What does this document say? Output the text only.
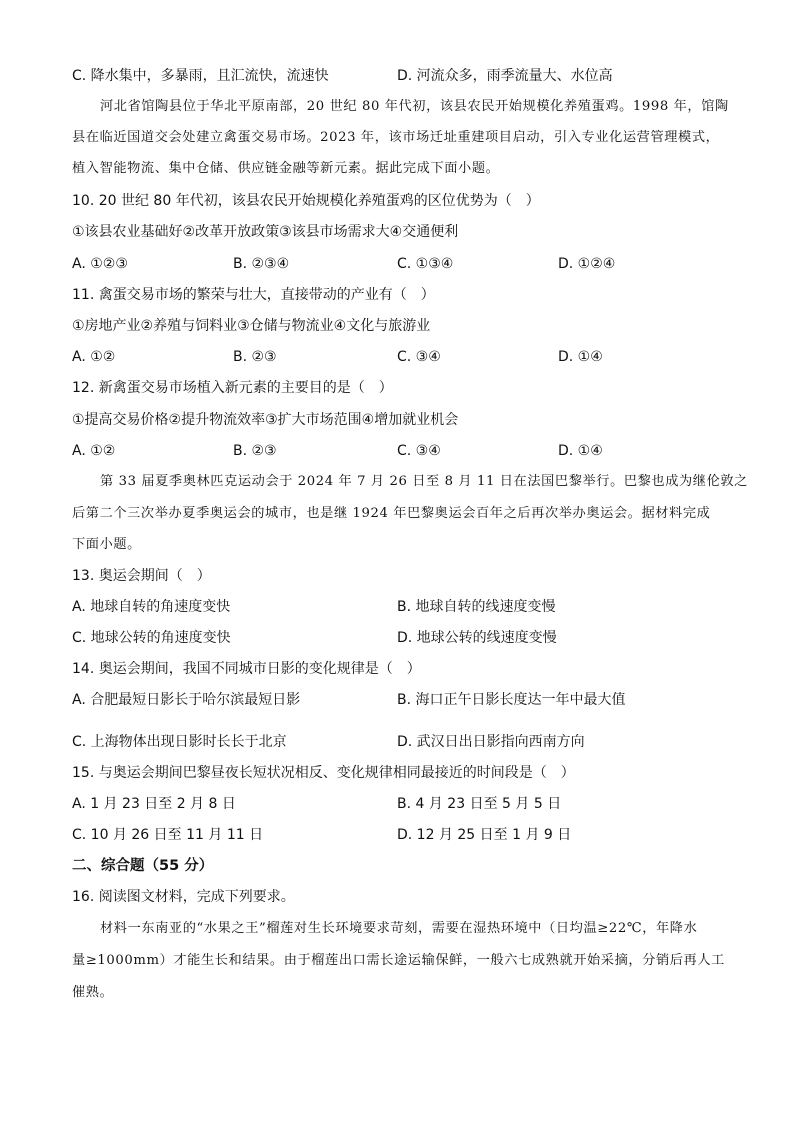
C. 降水集中，多暴雨，且汇流快，流速快	D. 河流众多，雨季流量大、水位高
河北省馆陶县位于华北平原南部，20 世纪 80 年代初，该县农民开始规模化养殖蛋鸡。1998 年，馆陶
县在临近国道交会处建立禽蛋交易市场。2023 年，该市场迁址重建项目启动，引入专业化运营管理模式，
植入智能物流、集中仓储、供应链金融等新元素。据此完成下面小题。
10. 20 世纪 80 年代初，该县农民开始规模化养殖蛋鸡的区位优势为（　）
①该县农业基础好②改革开放政策③该县市场需求大④交通便利
A. ①②③	B. ②③④	C. ①③④	D. ①②④
11. 禽蛋交易市场的繁荣与壮大，直接带动的产业有（　）
①房地产业②养殖与饲料业③仓储与物流业④文化与旅游业
A. ①②	B. ②③	C. ③④	D. ①④
12. 新禽蛋交易市场植入新元素的主要目的是（　）
①提高交易价格②提升物流效率③扩大市场范围④增加就业机会
A. ①②	B. ②③	C. ③④	D. ①④
第 33 届夏季奥林匹克运动会于 2024 年 7 月 26 日至 8 月 11 日在法国巴黎举行。巴黎也成为继伦敦之
后第二个三次举办夏季奥运会的城市，也是继 1924 年巴黎奥运会百年之后再次举办奥运会。据材料完成
下面小题。
13. 奥运会期间（　）
A. 地球自转的角速度变快	B. 地球自转的线速度变慢
C. 地球公转的角速度变快	D. 地球公转的线速度变慢
14. 奥运会期间，我国不同城市日影的变化规律是（　）
A. 合肥最短日影长于哈尔滨最短日影	B. 海口正午日影长度达一年中最大值
C. 上海物体出现日影时长长于北京	D. 武汉日出日影指向西南方向
15. 与奥运会期间巴黎昼夜长短状况相反、变化规律相同最接近的时间段是（　）
A. 1 月 23 日至 2 月 8 日	B. 4 月 23 日至 5 月 5 日
C. 10 月 26 日至 11 月 11 日	D. 12 月 25 日至 1 月 9 日
二、综合题（55 分）
16. 阅读图文材料，完成下列要求。
材料一东南亚的“水果之王”榴莲对生长环境要求苛刻，需要在湿热环境中（日均温≥22℃，年降水
量≥1000mm）才能生长和结果。由于榴莲出口需长途运输保鲜，一般六七成熟就开始采摘，分销后再人工
催熟。
